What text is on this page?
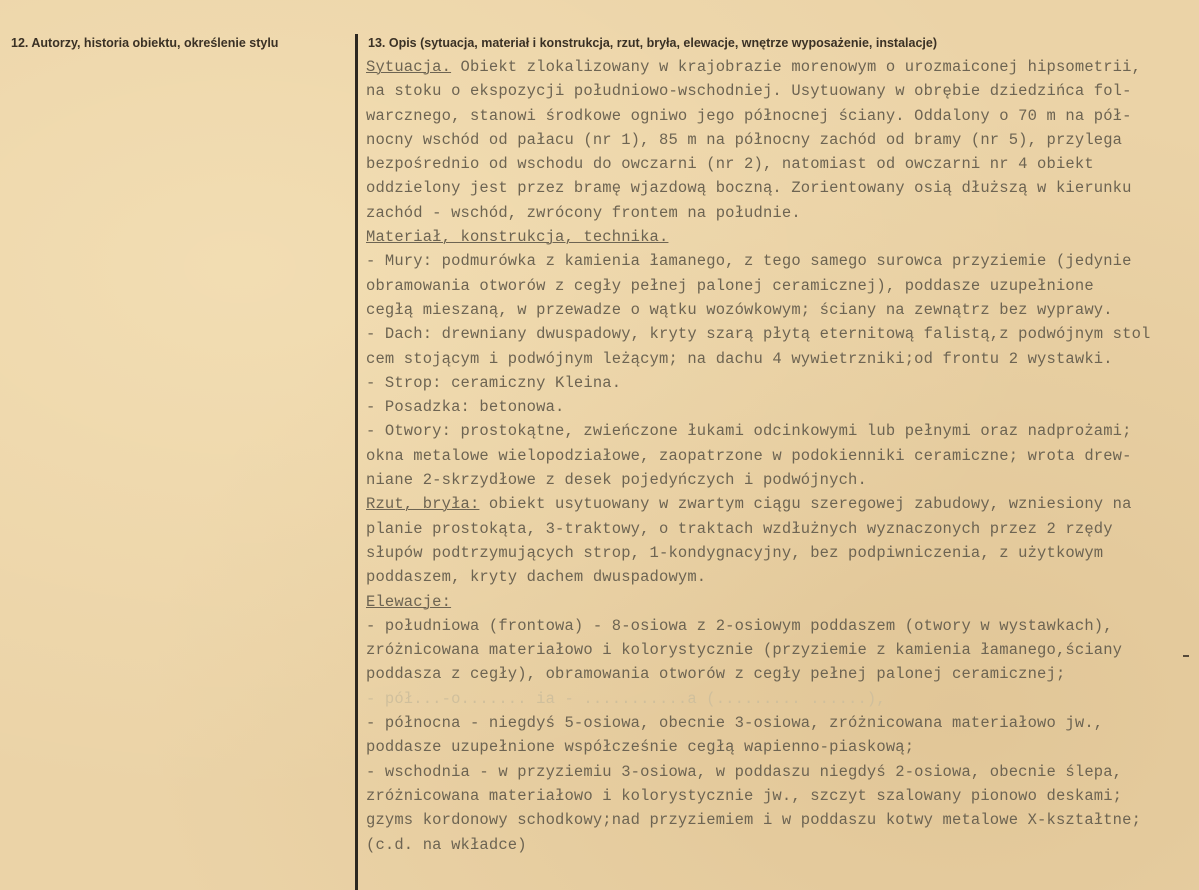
12. Autorzy, historia obiektu, określenie stylu	13. Opis (sytuacja, materiał i konstrukcja, rzut, bryła, elewacje, wnętrze wyposażenie, instalacje)
Sytuacja. Obiekt zlokalizowany w krajobrazie morenowym o urozmaiconej hipsometrii,
na stoku o ekspozycji południowo-wschodniej. Usytuowany w obrębie dziedzińca fol-
warcznego, stanowi środkowe ogniwo jego północnej ściany. Oddalony o 70 m na pół-
nocny wschód od pałacu (nr 1), 85 m na północny zachód od bramy (nr 5), przylega
bezpośrednio od wschodu do owczarni (nr 2), natomiast od owczarni nr 4 obiekt
oddzielony jest przez bramę wjazdową boczną. Zorientowany osią dłuższą w kierunku
zachód - wschód, zwrócony frontem na południe.
Materiał, konstrukcja, technika.
- Mury: podmurówka z kamienia łamanego, z tego samego surowca przyziemie (jedynie
obramowania otworów z cegły pełnej palonej ceramicznej), poddasze uzupełnione
cegłą mieszaną, w przewadze o wątku wozówkowym; ściany na zewnątrz bez wyprawy.
- Dach: drewniany dwuspadowy, kryty szarą płytą eternitową falistą,z podwójnym stol
cem stojącym i podwójnym leżącym; na dachu 4 wywietrzniki;od frontu 2 wystawki.
- Strop: ceramiczny Kleina.
- Posadzka: betonowa.
- Otwory: prostokątne, zwieńczone łukami odcinkowymi lub pełnymi oraz nadprożami;
okna metalowe wielopodziałowe, zaopatrzone w podokienniki ceramiczne; wrota drew-
niane 2-skrzydłowe z desek pojedyńczych i podwójnych.
Rzut, bryła: obiekt usytuowany w zwartym ciągu szeregowej zabudowy, wzniesiony na
planie prostokąta, 3-traktowy, o traktach wzdłużnych wyznaczonych przez 2 rzędy
słupów podtrzymujących strop, 1-kondygnacyjny, bez podpiwniczenia, z użytkowym
poddaszem, kryty dachem dwuspadowym.
Elewacje:
- południowa (frontowa) - 8-osiowa z 2-osiowym poddaszem (otwory w wystawkach),
zróżnicowana materiałowo i kolorystycznie (przyziemie z kamienia łamanego,ściany
poddasza z cegły), obramowania otworów z cegły pełnej palonej ceramicznej;
- pół...-o....... ia - ...........a (......... ......),
- północna - niegdyś 5-osiowa, obecnie 3-osiowa, zróżnicowana materiałowo jw.,
poddasze uzupełnione współcześnie cegłą wapienno-piaskową;
- wschodnia - w przyziemiu 3-osiowa, w poddaszu niegdyś 2-osiowa, obecnie ślepa,
zróżnicowana materiałowo i kolorystycznie jw., szczyt szalowany pionowo deskami;
gzyms kordonowy schodkowy;nad przyziemiem i w poddaszu kotwy metalowe X-kształtne;
(c.d. na wkładce)
